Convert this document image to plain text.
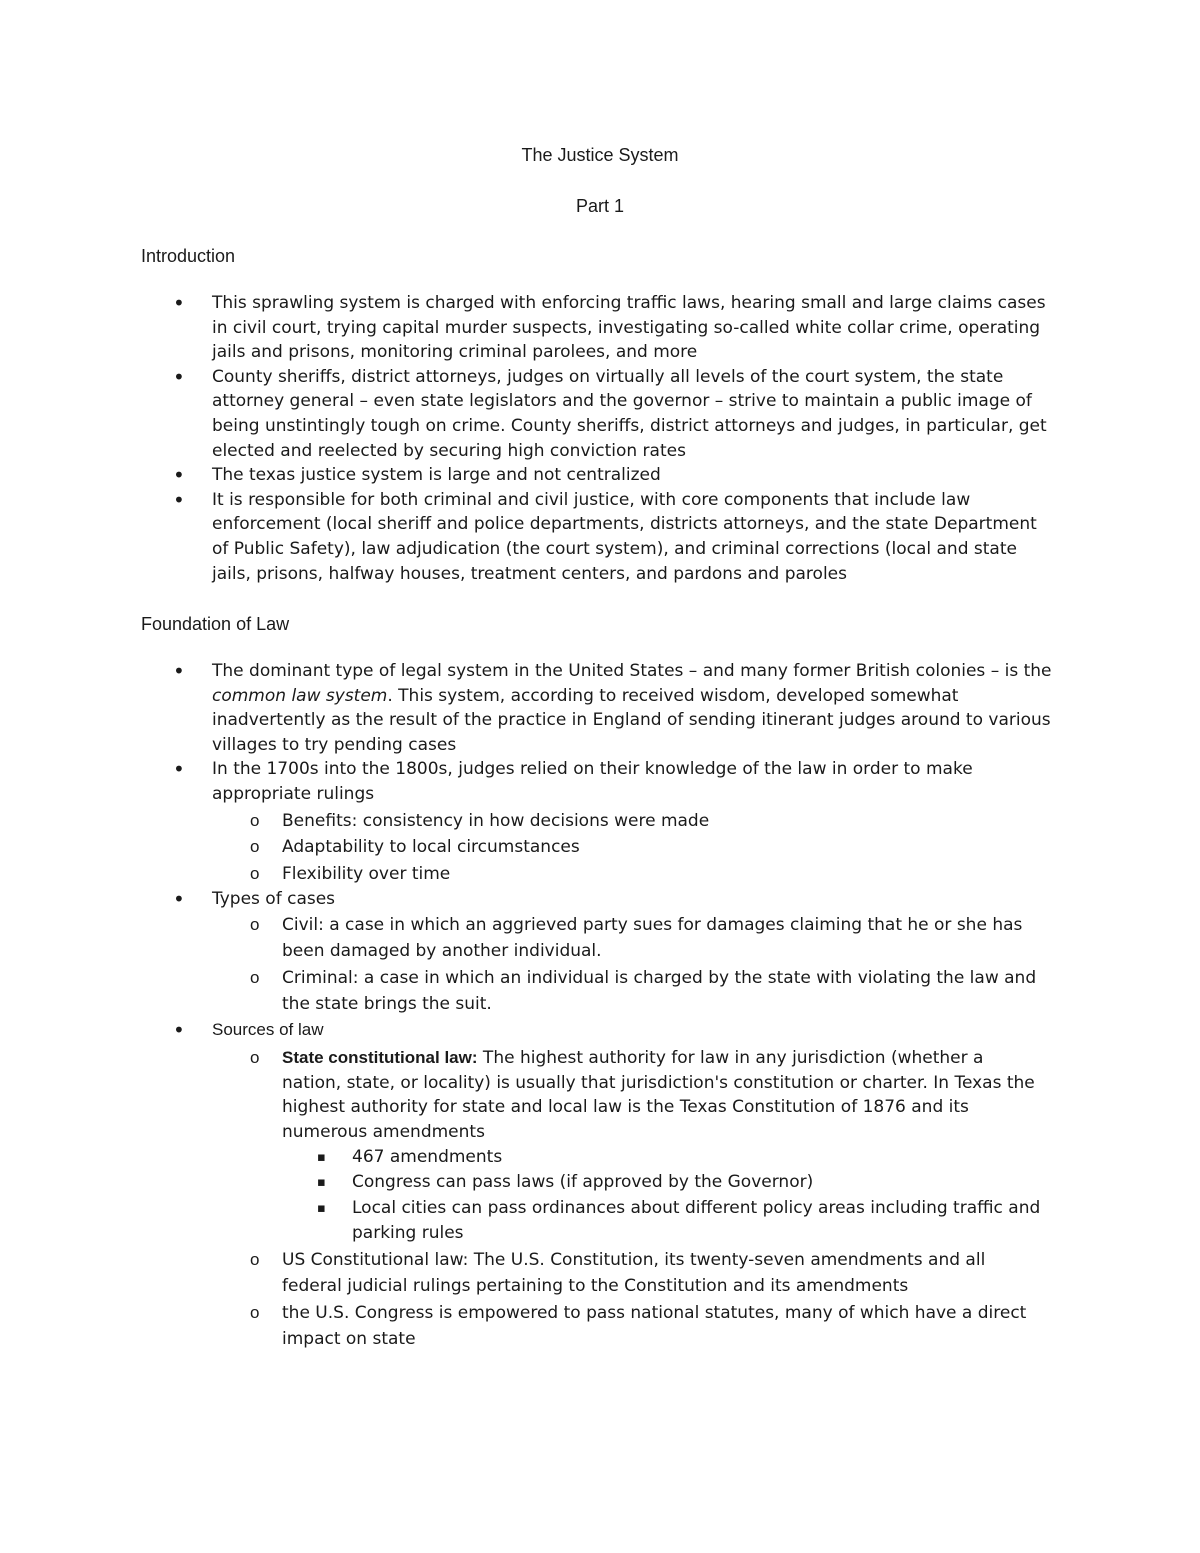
The Justice System
Part 1
Introduction
• This sprawling system is charged with enforcing traffic laws, hearing small and large claims cases in civil court, trying capital murder suspects, investigating so-called white collar crime, operating jails and prisons, monitoring criminal parolees, and more
• County sheriffs, district attorneys, judges on virtually all levels of the court system, the state attorney general – even state legislators and the governor – strive to maintain a public image of being unstintingly tough on crime. County sheriffs, district attorneys and judges, in particular, get elected and reelected by securing high conviction rates
• The texas justice system is large and not centralized
• It is responsible for both criminal and civil justice, with core components that include law enforcement (local sheriff and police departments, districts attorneys, and the state Department of Public Safety), law adjudication (the court system), and criminal corrections (local and state jails, prisons, halfway houses, treatment centers, and pardons and paroles
Foundation of Law
• The dominant type of legal system in the United States – and many former British colonies – is the common law system. This system, according to received wisdom, developed somewhat inadvertently as the result of the practice in England of sending itinerant judges around to various villages to try pending cases
• In the 1700s into the 1800s, judges relied on their knowledge of the law in order to make appropriate rulings
o Benefits: consistency in how decisions were made
o Adaptability to local circumstances
o Flexibility over time
• Types of cases
o Civil: a case in which an aggrieved party sues for damages claiming that he or she has been damaged by another individual.
o Criminal: a case in which an individual is charged by the state with violating the law and the state brings the suit.
• Sources of law
o State constitutional law: The highest authority for law in any jurisdiction (whether a nation, state, or locality) is usually that jurisdiction's constitution or charter. In Texas the highest authority for state and local law is the Texas Constitution of 1876 and its numerous amendments
▪ 467 amendments
▪ Congress can pass laws (if approved by the Governor)
▪ Local cities can pass ordinances about different policy areas including traffic and parking rules
o US Constitutional law: The U.S. Constitution, its twenty-seven amendments and all federal judicial rulings pertaining to the Constitution and its amendments
o the U.S. Congress is empowered to pass national statutes, many of which have a direct impact on state
